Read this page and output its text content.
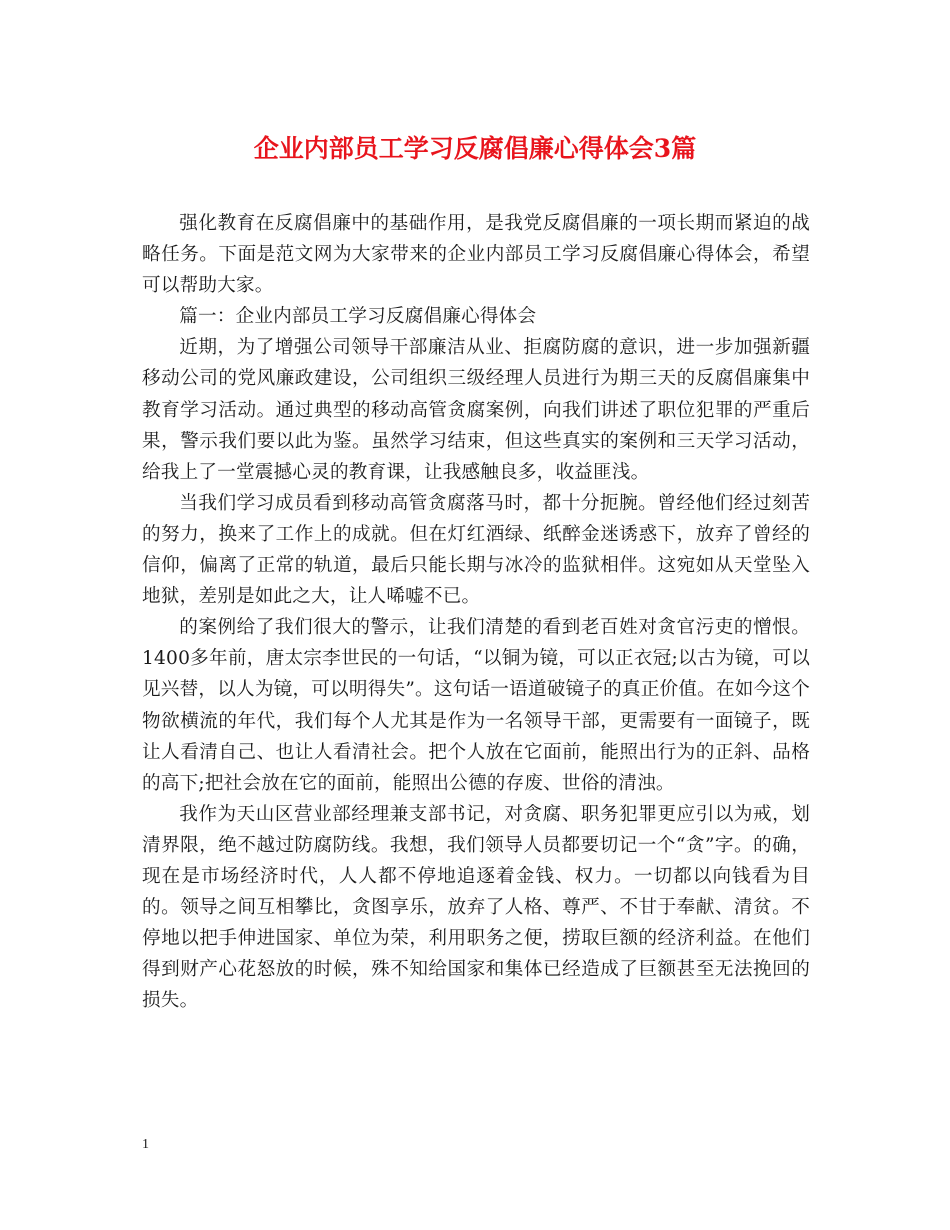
企业内部员工学习反腐倡廉心得体会3篇

强化教育在反腐倡廉中的基础作用，是我党反腐倡廉的一项长期而紧迫的战略任务。下面是范文网为大家带来的企业内部员工学习反腐倡廉心得体会，希望可以帮助大家。

篇一：企业内部员工学习反腐倡廉心得体会

近期，为了增强公司领导干部廉洁从业、拒腐防腐的意识，进一步加强新疆移动公司的党风廉政建设，公司组织三级经理人员进行为期三天的反腐倡廉集中教育学习活动。通过典型的移动高管贪腐案例，向我们讲述了职位犯罪的严重后果，警示我们要以此为鉴。虽然学习结束，但这些真实的案例和三天学习活动，给我上了一堂震撼心灵的教育课，让我感触良多，收益匪浅。

当我们学习成员看到移动高管贪腐落马时，都十分扼腕。曾经他们经过刻苦的努力，换来了工作上的成就。但在灯红酒绿、纸醉金迷诱惑下，放弃了曾经的信仰，偏离了正常的轨道，最后只能长期与冰冷的监狱相伴。这宛如从天堂坠入地狱，差别是如此之大，让人唏嘘不已。

的案例给了我们很大的警示，让我们清楚的看到老百姓对贪官污吏的憎恨。1400多年前，唐太宗李世民的一句话，“以铜为镜，可以正衣冠;以古为镜，可以见兴替，以人为镜，可以明得失”。这句话一语道破镜子的真正价值。在如今这个物欲横流的年代，我们每个人尤其是作为一名领导干部，更需要有一面镜子，既让人看清自己、也让人看清社会。把个人放在它面前，能照出行为的正斜、品格的高下;把社会放在它的面前，能照出公德的存废、世俗的清浊。

我作为天山区营业部经理兼支部书记，对贪腐、职务犯罪更应引以为戒，划清界限，绝不越过防腐防线。我想，我们领导人员都要切记一个“贪”字。的确，现在是市场经济时代，人人都不停地追逐着金钱、权力。一切都以向钱看为目的。领导之间互相攀比，贪图享乐，放弃了人格、尊严、不甘于奉献、清贫。不停地以把手伸进国家、单位为荣，利用职务之便，捞取巨额的经济利益。在他们得到财产心花怒放的时候，殊不知给国家和集体已经造成了巨额甚至无法挽回的损失。

1
